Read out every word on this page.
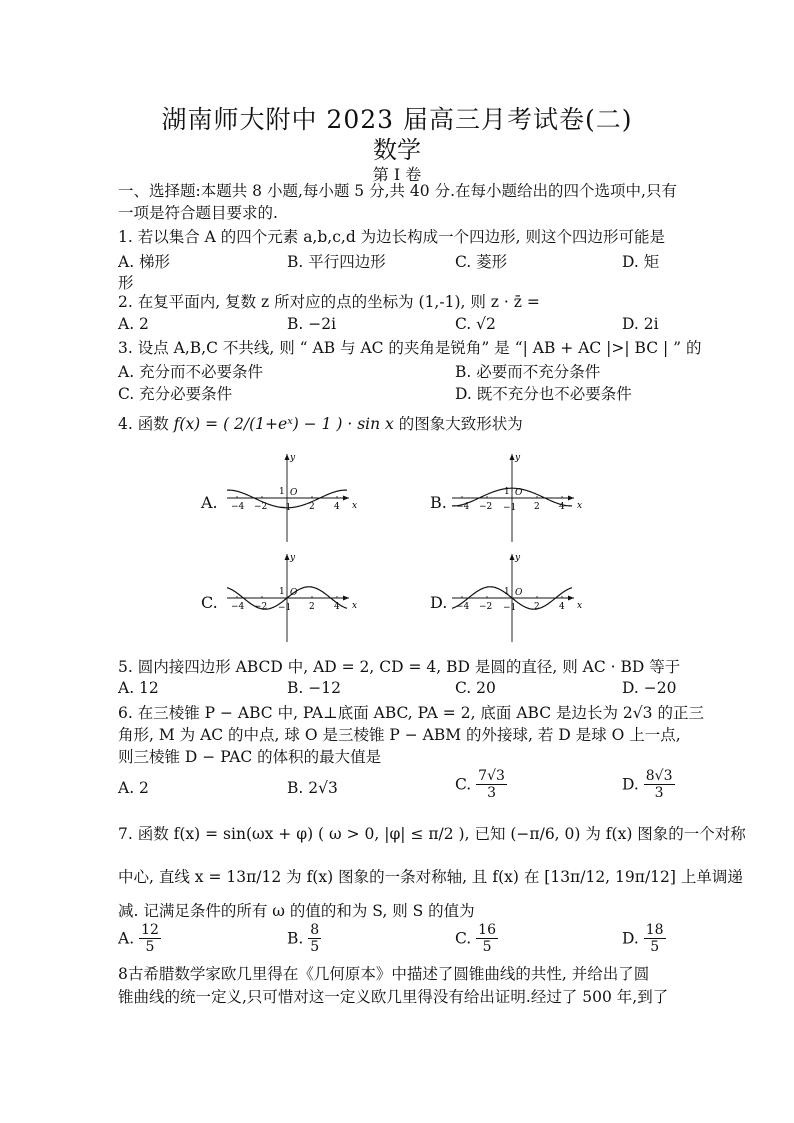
湖南师大附中 2023 届高三月考试卷(二)
数学
第 I 卷
一、选择题:本题共 8 小题,每小题 5 分,共 40 分.在每小题给出的四个选项中,只有
一项是符合题目要求的.
1. 若以集合 A 的四个元素 a,b,c,d 为边长构成一个四边形, 则这个四边形可能是
A. 梯形	B. 平行四边形	C. 菱形	D. 矩
形
2. 在复平面内, 复数 z 所对应的点的坐标为 (1,-1), 则 z · z̄ =
A. 2	B. −2i	C. √2	D. 2i
3. 设点 A,B,C 不共线, 则 “ AB 与 AC 的夹角是锐角” 是 “| AB + AC |>| BC | ” 的
A. 充分而不必要条件	B. 必要而不充分条件
C. 充分必要条件	D. 既不充分也不必要条件
4. 函数 f(x) = ( 2/(1+eˣ) − 1 ) · sin x 的图象大致形状为
A.	B.
C.	D.
x
y
O
1
−1
−4 −2	2 4	x
y
O
1
−1
−4 −2	2 4
x
y
O
1
−1
−4 −2	2 4	x
y
O
1
−1
−4 −2	2 4
5. 圆内接四边形 ABCD 中, AD = 2, CD = 4, BD 是圆的直径, 则 AC · BD 等于
A. 12	B. −12	C. 20	D. −20
6. 在三棱锥 P − ABC 中, PA⊥底面 ABC, PA = 2, 底面 ABC 是边长为 2√3 的正三
角形, M 为 AC 的中点, 球 O 是三棱锥 P − ABM 的外接球, 若 D 是球 O 上一点,
则三棱锥 D − PAC 的体积的最大值是
A. 2	B. 2√3	C. $\frac{7√3}{3}$	D. $\frac{8√3}{3}$
7. 函数 f(x) = sin(ωx + φ) ( ω > 0, |φ| ≤ π/2 ), 已知 (−π/6, 0) 为 f(x) 图象的一个对称
中心, 直线 x = 13π/12 为 f(x) 图象的一条对称轴, 且 f(x) 在 [13π/12, 19π/12] 上单调递
减. 记满足条件的所有 ω 的值的和为 S, 则 S 的值为
A. $\frac{12}{5}$	B. $\frac{8}{5}$	C. $\frac{16}{5}$	D. $\frac{18}{5}$
8古希腊数学家欧几里得在《几何原本》中描述了圆锥曲线的共性, 并给出了圆
锥曲线的统一定义,只可惜对这一定义欧几里得没有给出证明.经过了 500 年,到了
